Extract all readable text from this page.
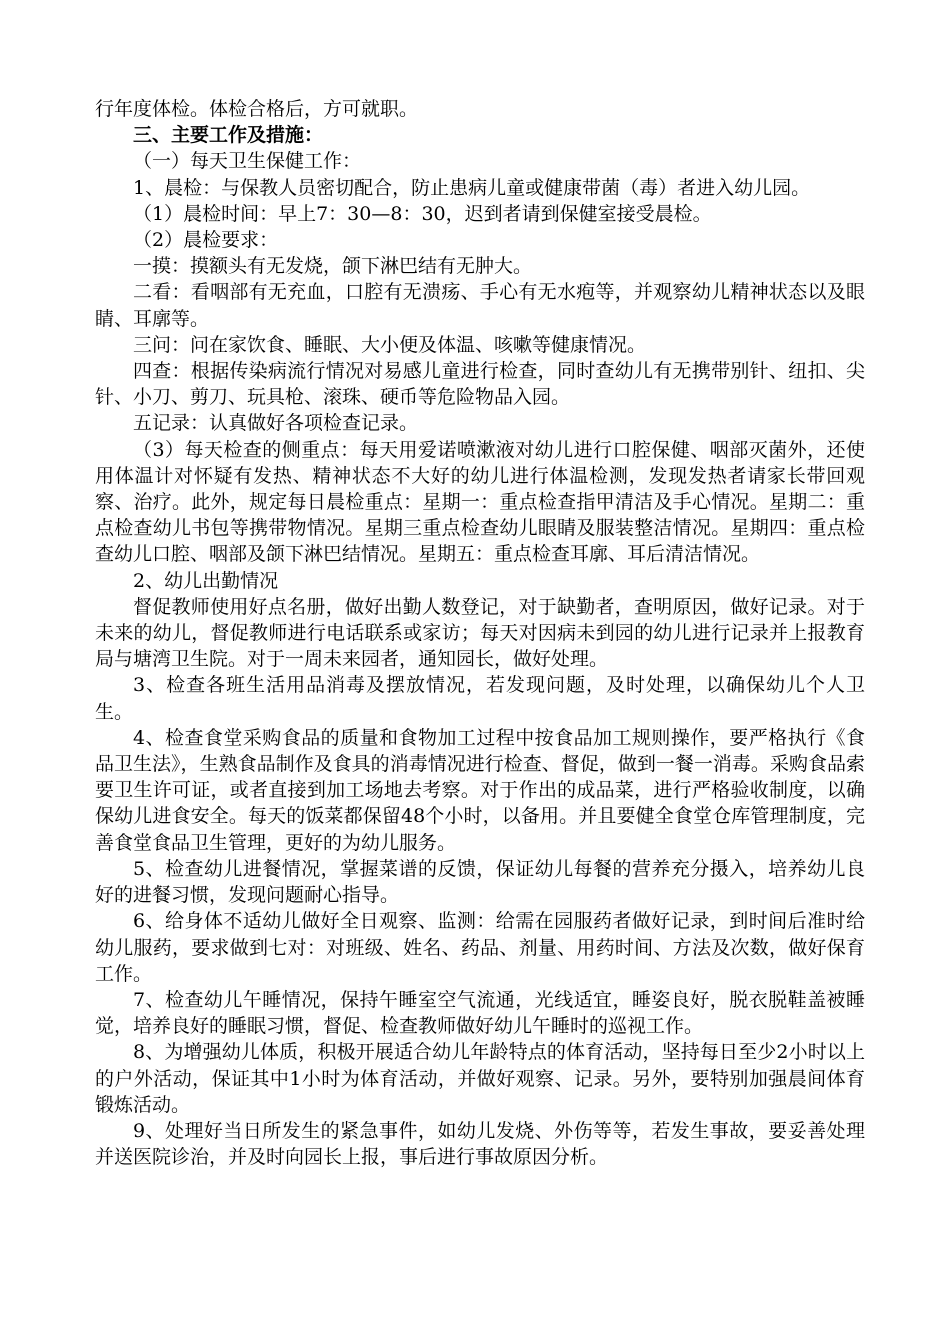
行年度体检。体检合格后，方可就职。

三、主要工作及措施：

（一）每天卫生保健工作：

1、晨检：与保教人员密切配合，防止患病儿童或健康带菌（毒）者进入幼儿园。

（1）晨检时间：早上7：30—8：30，迟到者请到保健室接受晨检。

（2）晨检要求：

一摸：摸额头有无发烧，颌下淋巴结有无肿大。

二看：看咽部有无充血，口腔有无溃疡、手心有无水疱等，并观察幼儿精神状态以及眼睛、耳廓等。

三问：问在家饮食、睡眠、大小便及体温、咳嗽等健康情况。

四查：根据传染病流行情况对易感儿童进行检查，同时查幼儿有无携带别针、纽扣、尖针、小刀、剪刀、玩具枪、滚珠、硬币等危险物品入园。

五记录：认真做好各项检查记录。

（3）每天检查的侧重点：每天用爱诺喷漱液对幼儿进行口腔保健、咽部灭菌外，还使用体温计对怀疑有发热、精神状态不大好的幼儿进行体温检测，发现发热者请家长带回观察、治疗。此外，规定每日晨检重点：星期一：重点检查指甲清洁及手心情况。星期二：重点检查幼儿书包等携带物情况。星期三重点检查幼儿眼睛及服装整洁情况。星期四：重点检查幼儿口腔、咽部及颌下淋巴结情况。星期五：重点检查耳廓、耳后清洁情况。

2、幼儿出勤情况

督促教师使用好点名册，做好出勤人数登记，对于缺勤者，查明原因，做好记录。对于未来的幼儿，督促教师进行电话联系或家访；每天对因病未到园的幼儿进行记录并上报教育局与塘湾卫生院。对于一周未来园者，通知园长，做好处理。

3、检查各班生活用品消毒及摆放情况，若发现问题，及时处理，以确保幼儿个人卫生。

4、检查食堂采购食品的质量和食物加工过程中按食品加工规则操作，要严格执行《食品卫生法》，生熟食品制作及食具的消毒情况进行检查、督促，做到一餐一消毒。采购食品索要卫生许可证，或者直接到加工场地去考察。对于作出的成品菜，进行严格验收制度，以确保幼儿进食安全。每天的饭菜都保留48个小时，以备用。并且要健全食堂仓库管理制度，完善食堂食品卫生管理，更好的为幼儿服务。

5、检查幼儿进餐情况，掌握菜谱的反馈，保证幼儿每餐的营养充分摄入，培养幼儿良好的进餐习惯，发现问题耐心指导。

6、给身体不适幼儿做好全日观察、监测：给需在园服药者做好记录，到时间后准时给幼儿服药，要求做到七对：对班级、姓名、药品、剂量、用药时间、方法及次数，做好保育工作。

7、检查幼儿午睡情况，保持午睡室空气流通，光线适宜，睡姿良好，脱衣脱鞋盖被睡觉，培养良好的睡眠习惯，督促、检查教师做好幼儿午睡时的巡视工作。

8、为增强幼儿体质，积极开展适合幼儿年龄特点的体育活动，坚持每日至少2小时以上的户外活动，保证其中1小时为体育活动，并做好观察、记录。另外，要特别加强晨间体育锻炼活动。

9、处理好当日所发生的紧急事件，如幼儿发烧、外伤等等，若发生事故，要妥善处理并送医院诊治，并及时向园长上报，事后进行事故原因分析。
